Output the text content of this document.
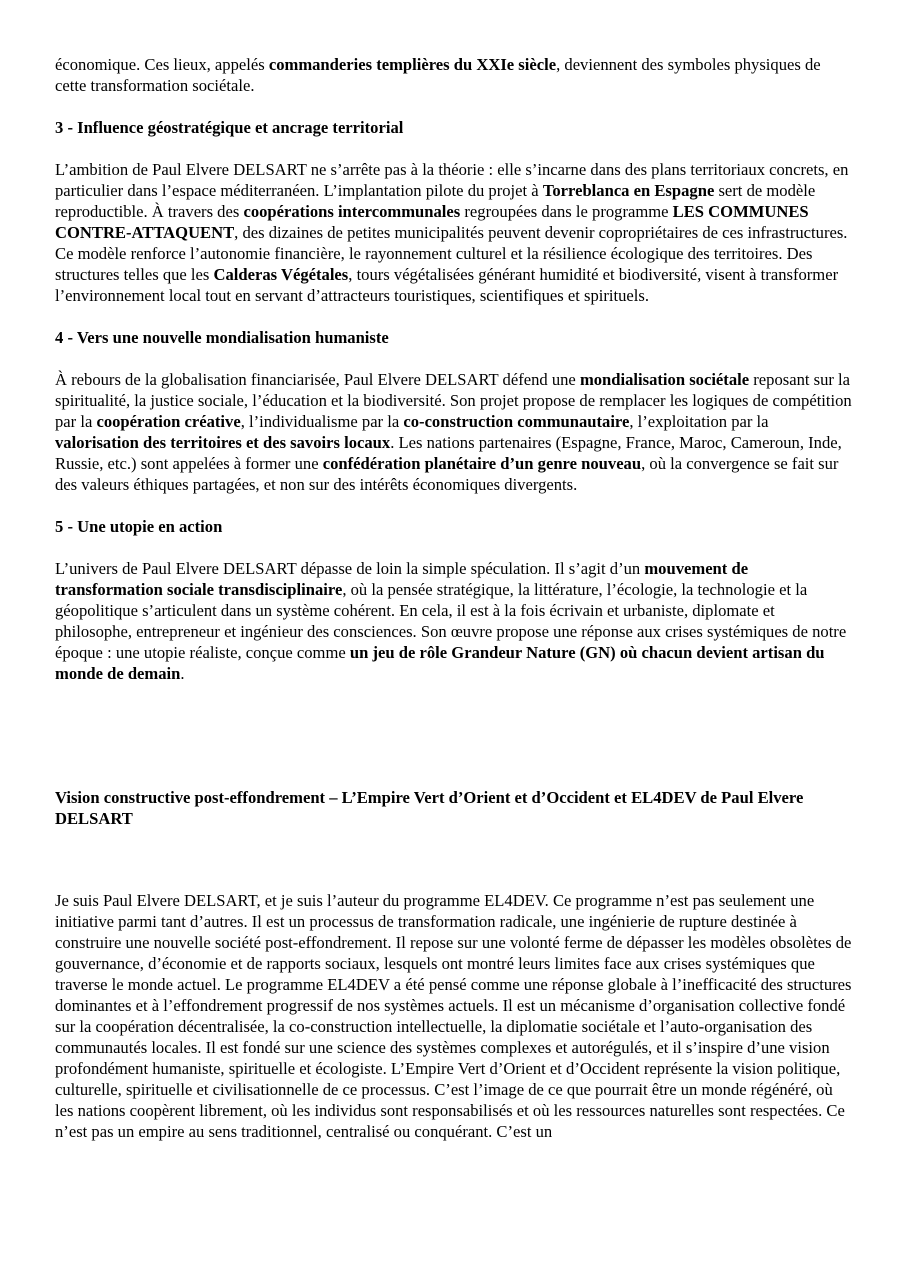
économique. Ces lieux, appelés commanderies templières du XXIe siècle, deviennent des symboles physiques de cette transformation sociétale.

3 - Influence géostratégique et ancrage territorial

L’ambition de Paul Elvere DELSART ne s’arrête pas à la théorie : elle s’incarne dans des plans territoriaux concrets, en particulier dans l’espace méditerranéen. L’implantation pilote du projet à Torreblanca en Espagne sert de modèle reproductible. À travers des coopérations intercommunales regroupées dans le programme LES COMMUNES CONTRE-ATTAQUENT, des dizaines de petites municipalités peuvent devenir copropriétaires de ces infrastructures. Ce modèle renforce l’autonomie financière, le rayonnement culturel et la résilience écologique des territoires. Des structures telles que les Calderas Végétales, tours végétalisées générant humidité et biodiversité, visent à transformer l’environnement local tout en servant d’attracteurs touristiques, scientifiques et spirituels.

4 - Vers une nouvelle mondialisation humaniste

À rebours de la globalisation financiarisée, Paul Elvere DELSART défend une mondialisation sociétale reposant sur la spiritualité, la justice sociale, l’éducation et la biodiversité. Son projet propose de remplacer les logiques de compétition par la coopération créative, l’individualisme par la co-construction communautaire, l’exploitation par la valorisation des territoires et des savoirs locaux. Les nations partenaires (Espagne, France, Maroc, Cameroun, Inde, Russie, etc.) sont appelées à former une confédération planétaire d’un genre nouveau, où la convergence se fait sur des valeurs éthiques partagées, et non sur des intérêts économiques divergents.

5 - Une utopie en action

L’univers de Paul Elvere DELSART dépasse de loin la simple spéculation. Il s’agit d’un mouvement de transformation sociale transdisciplinaire, où la pensée stratégique, la littérature, l’écologie, la technologie et la géopolitique s’articulent dans un système cohérent. En cela, il est à la fois écrivain et urbaniste, diplomate et philosophe, entrepreneur et ingénieur des consciences. Son œuvre propose une réponse aux crises systémiques de notre époque : une utopie réaliste, conçue comme un jeu de rôle Grandeur Nature (GN) où chacun devient artisan du monde de demain.

Vision constructive post-effondrement – L’Empire Vert d’Orient et d’Occident et EL4DEV de Paul Elvere DELSART

Je suis Paul Elvere DELSART, et je suis l’auteur du programme EL4DEV. Ce programme n’est pas seulement une initiative parmi tant d’autres. Il est un processus de transformation radicale, une ingénierie de rupture destinée à construire une nouvelle société post-effondrement. Il repose sur une volonté ferme de dépasser les modèles obsolètes de gouvernance, d’économie et de rapports sociaux, lesquels ont montré leurs limites face aux crises systémiques que traverse le monde actuel. Le programme EL4DEV a été pensé comme une réponse globale à l’inefficacité des structures dominantes et à l’effondrement progressif de nos systèmes actuels. Il est un mécanisme d’organisation collective fondé sur la coopération décentralisée, la co-construction intellectuelle, la diplomatie sociétale et l’auto-organisation des communautés locales. Il est fondé sur une science des systèmes complexes et autorégulés, et il s’inspire d’une vision profondément humaniste, spirituelle et écologiste. L’Empire Vert d’Orient et d’Occident représente la vision politique, culturelle, spirituelle et civilisationnelle de ce processus. C’est l’image de ce que pourrait être un monde régénéré, où les nations coopèrent librement, où les individus sont responsabilisés et où les ressources naturelles sont respectées. Ce n’est pas un empire au sens traditionnel, centralisé ou conquérant. C’est un
